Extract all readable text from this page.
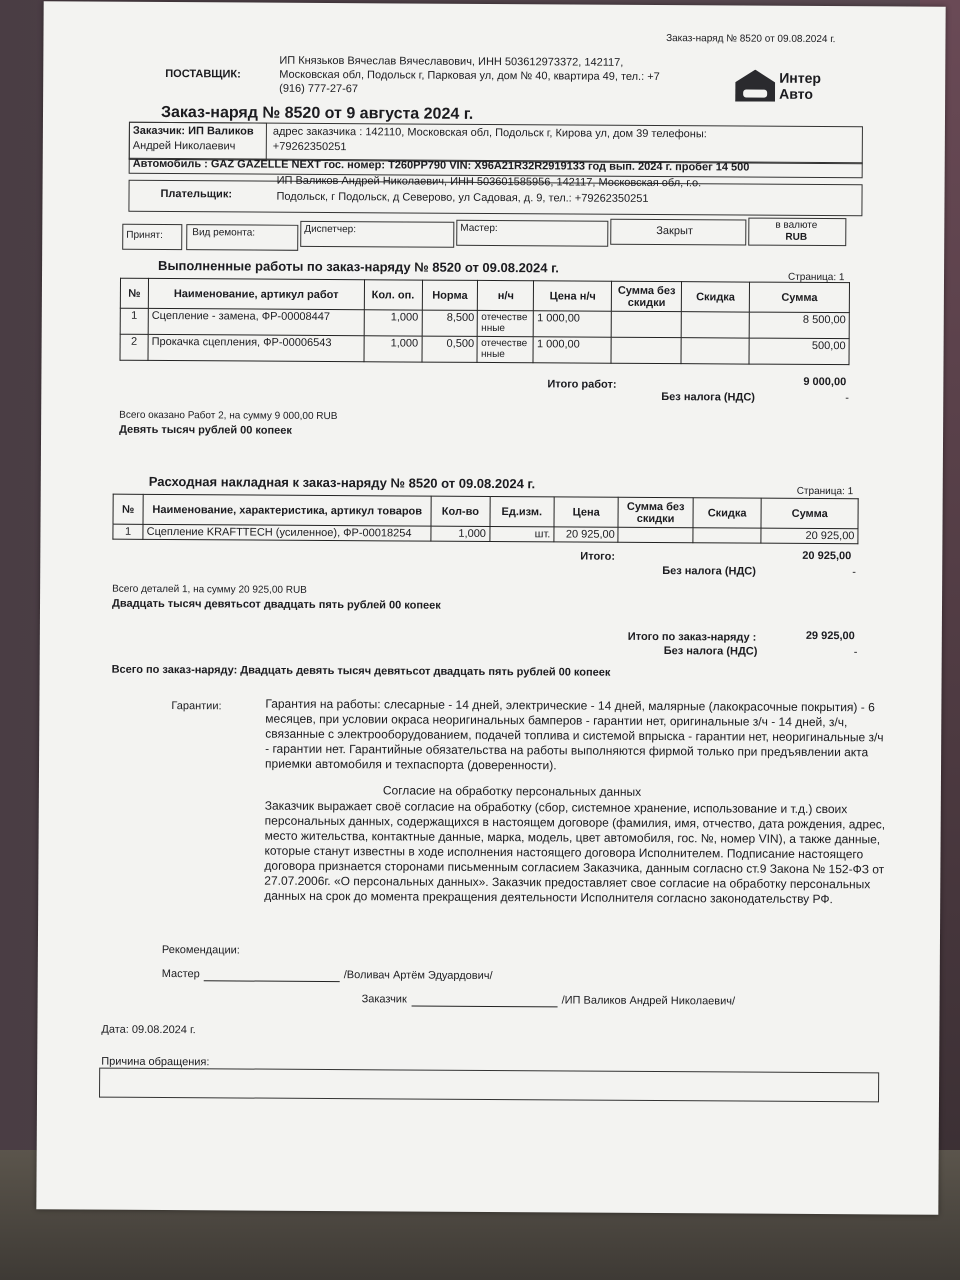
Заказ-наряд № 8520 от 09.08.2024 г.
ПОСТАВЩИК:
ИП Князьков Вячеслав Вячеславович, ИНН 503612973372, 142117,
Московская обл, Подольск г, Парковая ул, дом № 40, квартира 49, тел.: +7
(916) 777-27-67
Интер
Авто
Заказ-наряд № 8520 от 9 августа 2024 г.
Заказчик: ИП Валиков
Андрей Николаевич
адрес заказчика : 142110, Московская обл, Подольск г, Кирова ул, дом 39 телефоны:
+79262350251
Автомобиль : GAZ GAZELLE NEXT гос. номер: Т260РР790 VIN: X96A21R32R2919133 год вып. 2024 г. пробег 14 500
Плательщик:
ИП Валиков Андрей Николаевич, ИНН 503601585956, 142117, Московская обл, г.о.
Подольск, г Подольск, д Северово, ул Садовая, д. 9, тел.: +79262350251
Принят:	Вид ремонта:	Диспетчер:	Мастер:	Закрыт	в валюте
RUB
Выполненные работы по заказ-наряду № 8520 от 09.08.2024 г.
Страница: 1
№	Наименование, артикул работ	Кол. оп.	Норма	н/ч	Цена н/ч	Сумма без скидки	Скидка	Сумма
1	Сцепление - замена, ФР-00008447	1,000	8,500	отечественные	1 000,00			8 500,00
2	Прокачка сцепления, ФР-00006543	1,000	0,500	отечественные	1 000,00			500,00
Итого работ:	9 000,00
Без налога (НДС)	-
Всего оказано Работ 2, на сумму 9 000,00 RUB
Девять тысяч рублей 00 копеек
Расходная накладная к заказ-наряду № 8520 от 09.08.2024 г.
Страница: 1
№	Наименование, характеристика, артикул товаров	Кол-во	Ед.изм.	Цена	Сумма без скидки	Скидка	Сумма
1	Сцепление KRAFTTECH (усиленное), ФР-00018254	1,000	шт.	20 925,00			20 925,00
Итого:	20 925,00
Без налога (НДС)	-
Всего деталей 1, на сумму 20 925,00 RUB
Двадцать тысяч девятьсот двадцать пять рублей 00 копеек
Итого по заказ-наряду :	29 925,00
Без налога (НДС)	-
Всего по заказ-наряду: Двадцать девять тысяч девятьсот двадцать пять рублей 00 копеек
Гарантии:	Гарантия на работы: слесарные - 14 дней, электрические - 14 дней, малярные (лакокрасочные покрытия) - 6
месяцев, при условии окраса неоригинальных бамперов - гарантии нет, оригинальные з/ч - 14 дней, з/ч,
связанные с электрооборудованием, подачей топлива и системой впрыска - гарантии нет, неоригинальные з/ч
- гарантии нет. Гарантийные обязательства на работы выполняются фирмой только при предъявлении акта
приемки автомобиля и техпаспорта (доверенности).
Согласие на обработку персональных данных
Заказчик выражает своё согласие на обработку (сбор, системное хранение, использование и т.д.) своих
персональных данных, содержащихся в настоящем договоре (фамилия, имя, отчество, дата рождения, адрес,
место жительства, контактные данные, марка, модель, цвет автомобиля, гос. №, номер VIN), а также данные,
которые станут известны в ходе исполнения настоящего договора Исполнителем. Подписание настоящего
договора признается сторонами письменным согласием Заказчика, данным согласно ст.9 Закона № 152-ФЗ от
27.07.2006г. «О персональных данных». Заказчик предоставляет свое согласие на обработку персональных
данных на срок до момента прекращения деятельности Исполнителя согласно законодательству РФ.
Рекомендации:
Мастер	/Воливач Артём Эдуардович/
Заказчик	/ИП Валиков Андрей Николаевич/
Дата: 09.08.2024 г.
Причина обращения:
